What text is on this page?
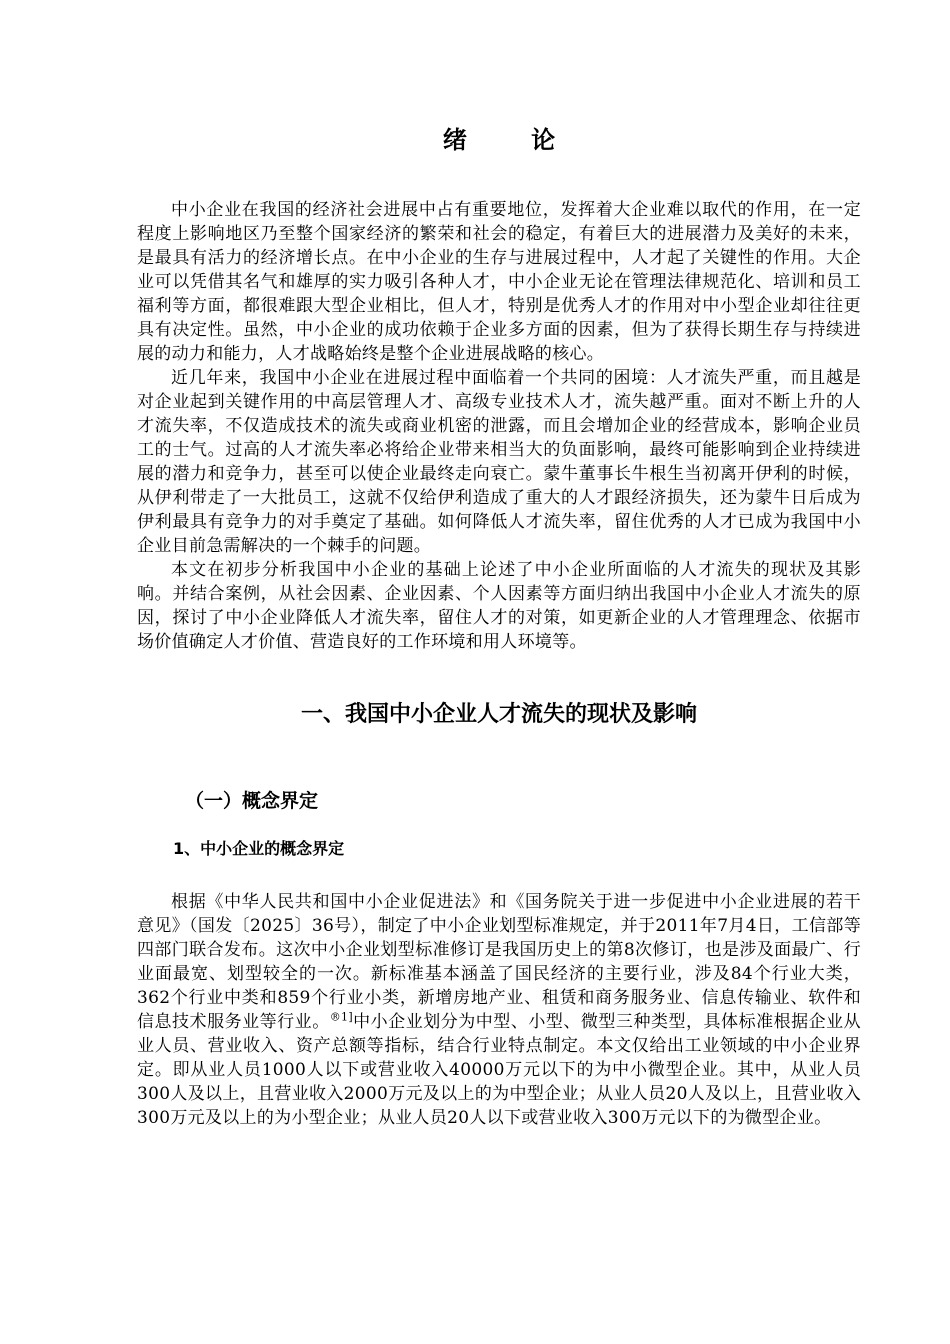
绪 论

中小企业在我国的经济社会进展中占有重要地位，发挥着大企业难以取代的作用，在一定程度上影响地区乃至整个国家经济的繁荣和社会的稳定，有着巨大的进展潜力及美好的未来，是最具有活力的经济增长点。在中小企业的生存与进展过程中，人才起了关键性的作用。大企业可以凭借其名气和雄厚的实力吸引各种人才，中小企业无论在管理法律规范化、培训和员工福利等方面，都很难跟大型企业相比，但人才，特别是优秀人才的作用对中小型企业却往往更具有决定性。虽然，中小企业的成功依赖于企业多方面的因素，但为了获得长期生存与持续进展的动力和能力，人才战略始终是整个企业进展战略的核心。

近几年来，我国中小企业在进展过程中面临着一个共同的困境：人才流失严重，而且越是对企业起到关键作用的中高层管理人才、高级专业技术人才，流失越严重。面对不断上升的人才流失率，不仅造成技术的流失或商业机密的泄露，而且会增加企业的经营成本，影响企业员工的士气。过高的人才流失率必将给企业带来相当大的负面影响，最终可能影响到企业持续进展的潜力和竞争力，甚至可以使企业最终走向衰亡。蒙牛董事长牛根生当初离开伊利的时候，从伊利带走了一大批员工，这就不仅给伊利造成了重大的人才跟经济损失，还为蒙牛日后成为伊利最具有竞争力的对手奠定了基础。如何降低人才流失率，留住优秀的人才已成为我国中小企业目前急需解决的一个棘手的问题。

本文在初步分析我国中小企业的基础上论述了中小企业所面临的人才流失的现状及其影响。并结合案例，从社会因素、企业因素、个人因素等方面归纳出我国中小企业人才流失的原因，探讨了中小企业降低人才流失率，留住人才的对策，如更新企业的人才管理理念、依据市场价值确定人才价值、营造良好的工作环境和用人环境等。

一、我国中小企业人才流失的现状及影响
（一）概念界定
1、中小企业的概念界定

根据《中华人民共和国中小企业促进法》和《国务院关于进一步促进中小企业进展的若干意见》（国发〔2025〕36号），制定了中小企业划型标准规定，并于2011年7月4日，工信部等四部门联合发布。这次中小企业划型标准修订是我国历史上的第8次修订，也是涉及面最广、行业面最宽、划型较全的一次。新标准基本涵盖了国民经济的主要行业，涉及84个行业大类，362个行业中类和859个行业小类，新增房地产业、租赁和商务服务业、信息传输业、软件和信息技术服务业等行业。$^{®1]}$中小企业划分为中型、小型、微型三种类型，具体标准根据企业从业人员、营业收入、资产总额等指标，结合行业特点制定。本文仅给出工业领域的中小企业界定。即从业人员1000人以下或营业收入40000万元以下的为中小微型企业。其中，从业人员300人及以上，且营业收入2000万元及以上的为中型企业；从业人员20人及以上，且营业收入300万元及以上的为小型企业；从业人员20人以下或营业收入300万元以下的为微型企业。
